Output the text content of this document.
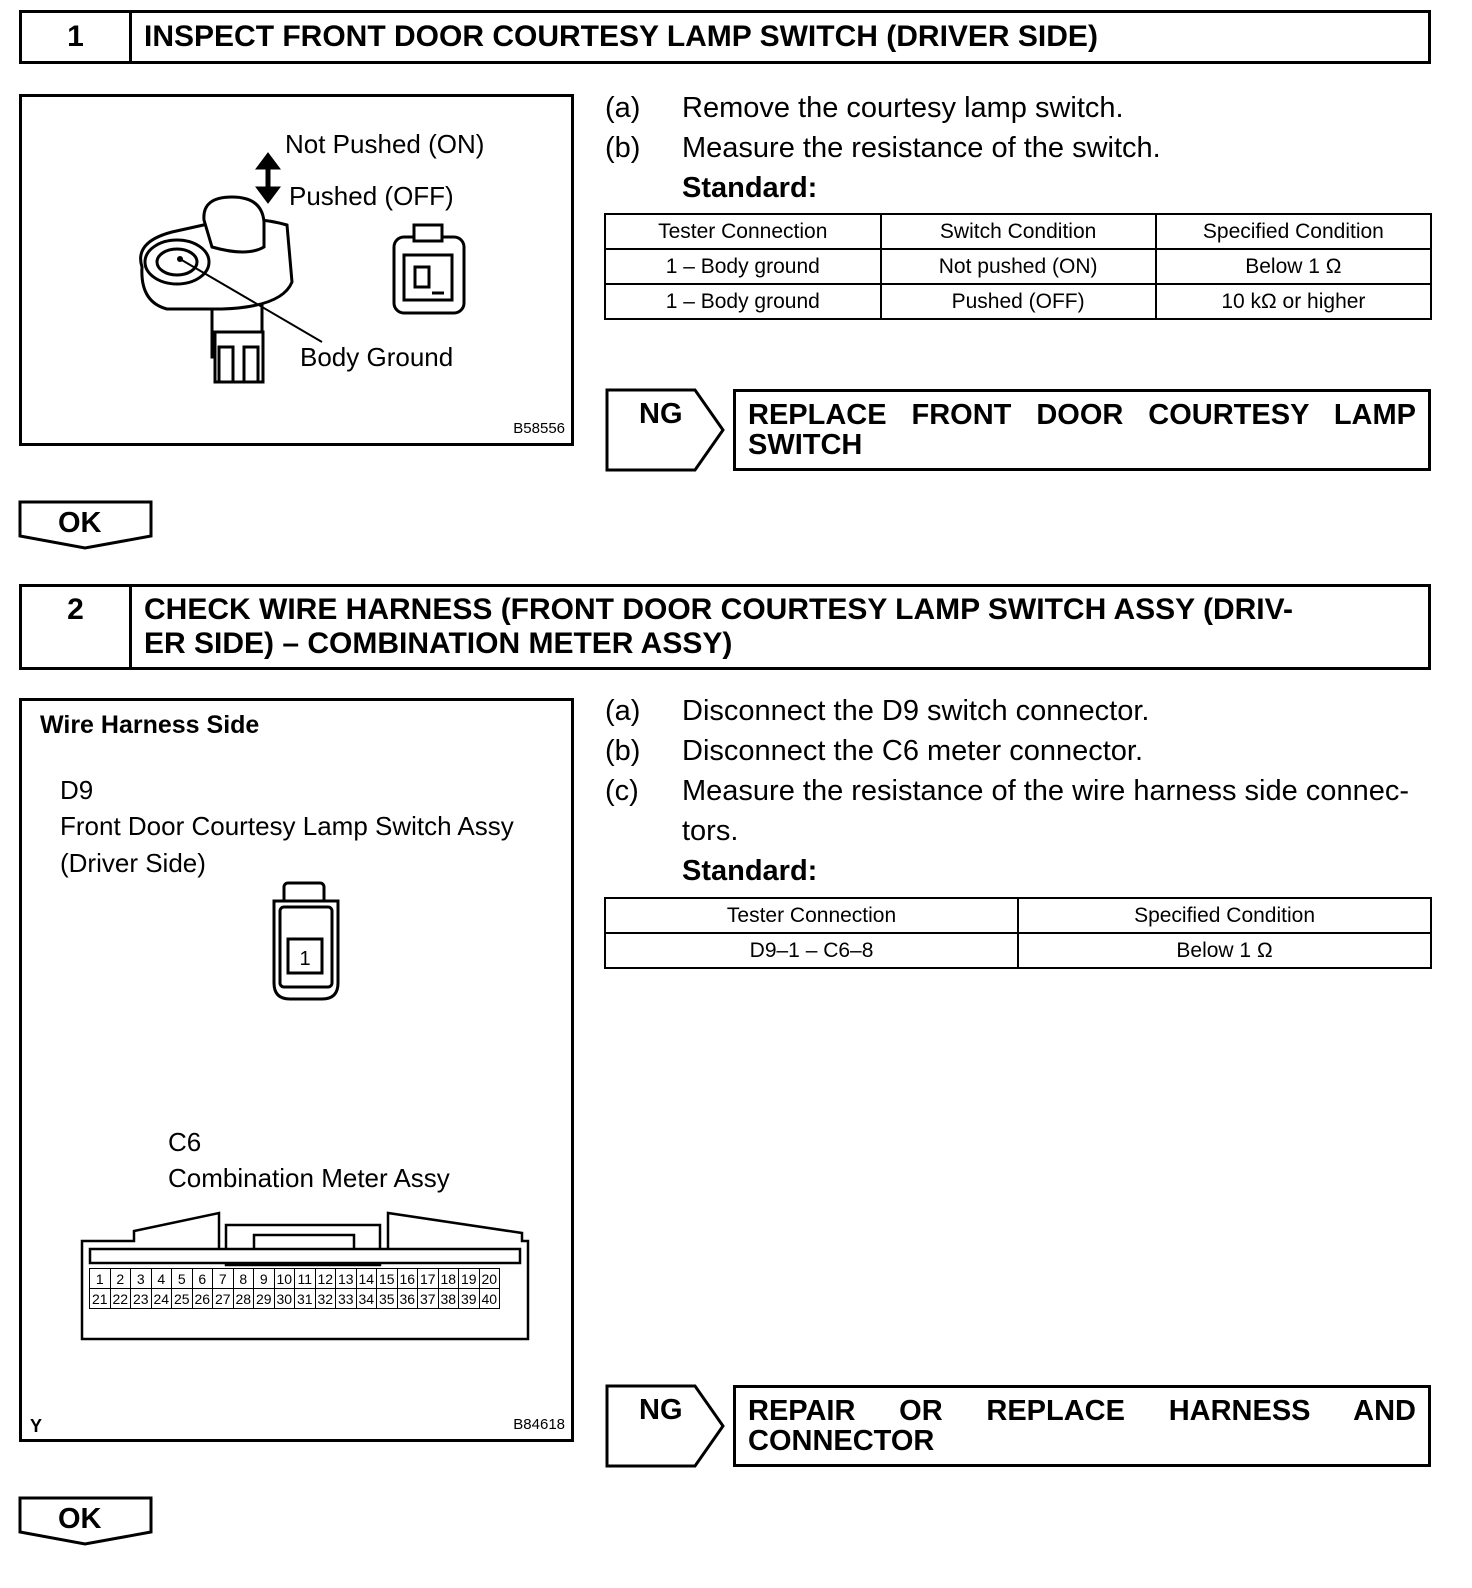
1	INSPECT FRONT DOOR COURTESY LAMP SWITCH (DRIVER SIDE)
Not Pushed (ON)
Pushed (OFF)
Body Ground
B58556
(a) Remove the courtesy lamp switch.
(b) Measure the resistance of the switch.
Standard:
Tester Connection	Switch Condition	Specified Condition
1 – Body ground	Not pushed (ON)	Below 1 Ω
1 – Body ground	Pushed (OFF)	10 kΩ or higher
NG REPLACE FRONT DOOR COURTESY LAMP
SWITCH
OK
2	CHECK WIRE HARNESS (FRONT DOOR COURTESY LAMP SWITCH ASSY (DRIV-
ER SIDE) – COMBINATION METER ASSY)
Wire Harness Side
D9
Front Door Courtesy Lamp Switch Assy
(Driver Side)
1
C6
Combination Meter Assy
1 2 3 4 5 6 7 8 9 10 11 12 13 14 15 16 17 18 19 20
21 22 23 24 25 26 27 28 29 30 31 32 33 34 35 36 37 38 39 40
Y	B84618
(a) Disconnect the D9 switch connector.
(b) Disconnect the C6 meter connector.
(c) Measure the resistance of the wire harness side connec-
tors.
Standard:
Tester Connection	Specified Condition
D9–1 – C6–8	Below 1 Ω
NG REPAIR OR REPLACE HARNESS AND
CONNECTOR
OK
